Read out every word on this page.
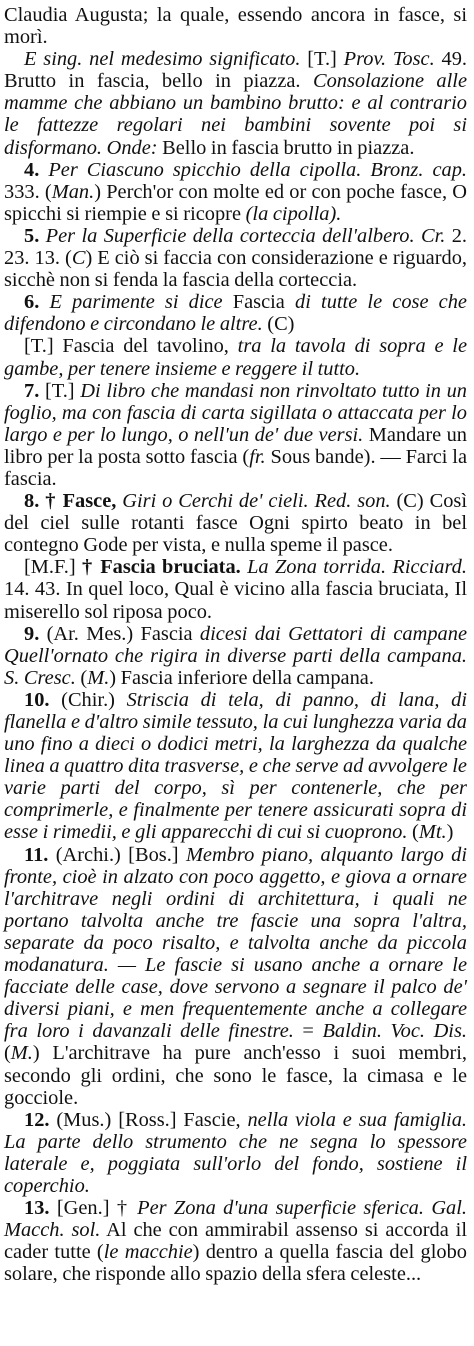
Claudia Augusta; la quale, essendo ancora in fasce, si morì.

E sing. nel medesimo significato. [T.] Prov. Tosc. 49. Brutto in fascia, bello in piazza. Consolazione alle mamme che abbiano un bambino brutto: e al contrario le fattezze regolari nei bambini sovente poi si disformano. Onde: Bello in fascia brutto in piazza.

4. Per Ciascuno spicchio della cipolla. Bronz. cap. 333. (Man.) Perch'or con molte ed or con poche fasce, O spicchi si riempie e si ricopre (la cipolla).

5. Per la Superficie della corteccia dell'albero. Cr. 2. 23. 13. (C) E ciò si faccia con considerazione e riguardo, sicchè non si fenda la fascia della corteccia.

6. E parimente si dice Fascia di tutte le cose che difendono e circondano le altre. (C)

[T.] Fascia del tavolino, tra la tavola di sopra e le gambe, per tenere insieme e reggere il tutto.

7. [T.] Di libro che mandasi non rinvoltato tutto in un foglio, ma con fascia di carta sigillata o attaccata per lo largo e per lo lungo, o nell'un de' due versi. Mandare un libro per la posta sotto fascia (fr. Sous bande). — Farci la fascia.

8. † Fasce, Giri o Cerchi de' cieli. Red. son. (C) Così del ciel sulle rotanti fasce Ogni spirto beato in bel contegno Gode per vista, e nulla speme il pasce.

[M.F.] † Fascia bruciata. La Zona torrida. Ricciard. 14. 43. In quel loco, Qual è vicino alla fascia bruciata, Il miserello sol riposa poco.

9. (Ar. Mes.) Fascia dicesi dai Gettatori di campane Quell'ornato che rigira in diverse parti della campana. S. Cresc. (M.) Fascia inferiore della campana.

10. (Chir.) Striscia di tela, di panno, di lana, di flanella e d'altro simile tessuto, la cui lunghezza varia da uno fino a dieci o dodici metri, la larghezza da qualche linea a quattro dita trasverse, e che serve ad avvolgere le varie parti del corpo, sì per contenerle, che per comprimerle, e finalmente per tenere assicurati sopra di esse i rimedii, e gli apparecchi di cui si cuoprono. (Mt.)

11. (Archi.) [Bos.] Membro piano, alquanto largo di fronte, cioè in alzato con poco aggetto, e giova a ornare l'architrave negli ordini di architettura, i quali ne portano talvolta anche tre fascie una sopra l'altra, separate da poco risalto, e talvolta anche da piccola modanatura. — Le fascie si usano anche a ornare le facciate delle case, dove servono a segnare il palco de' diversi piani, e men frequentemente anche a collegare fra loro i davanzali delle finestre. = Baldin. Voc. Dis. (M.) L'architrave ha pure anch'esso i suoi membri, secondo gli ordini, che sono le fasce, la cimasa e le gocciole.

12. (Mus.) [Ross.] Fascie, nella viola e sua famiglia. La parte dello strumento che ne segna lo spessore laterale e, poggiata sull'orlo del fondo, sostiene il coperchio.

13. [Gen.] † Per Zona d'una superficie sferica. Gal. Macch. sol. Al che con ammirabil assenso si accorda il cader tutte (le macchie) dentro a quella fascia del globo solare, che risponde allo spazio della sfera celeste...
